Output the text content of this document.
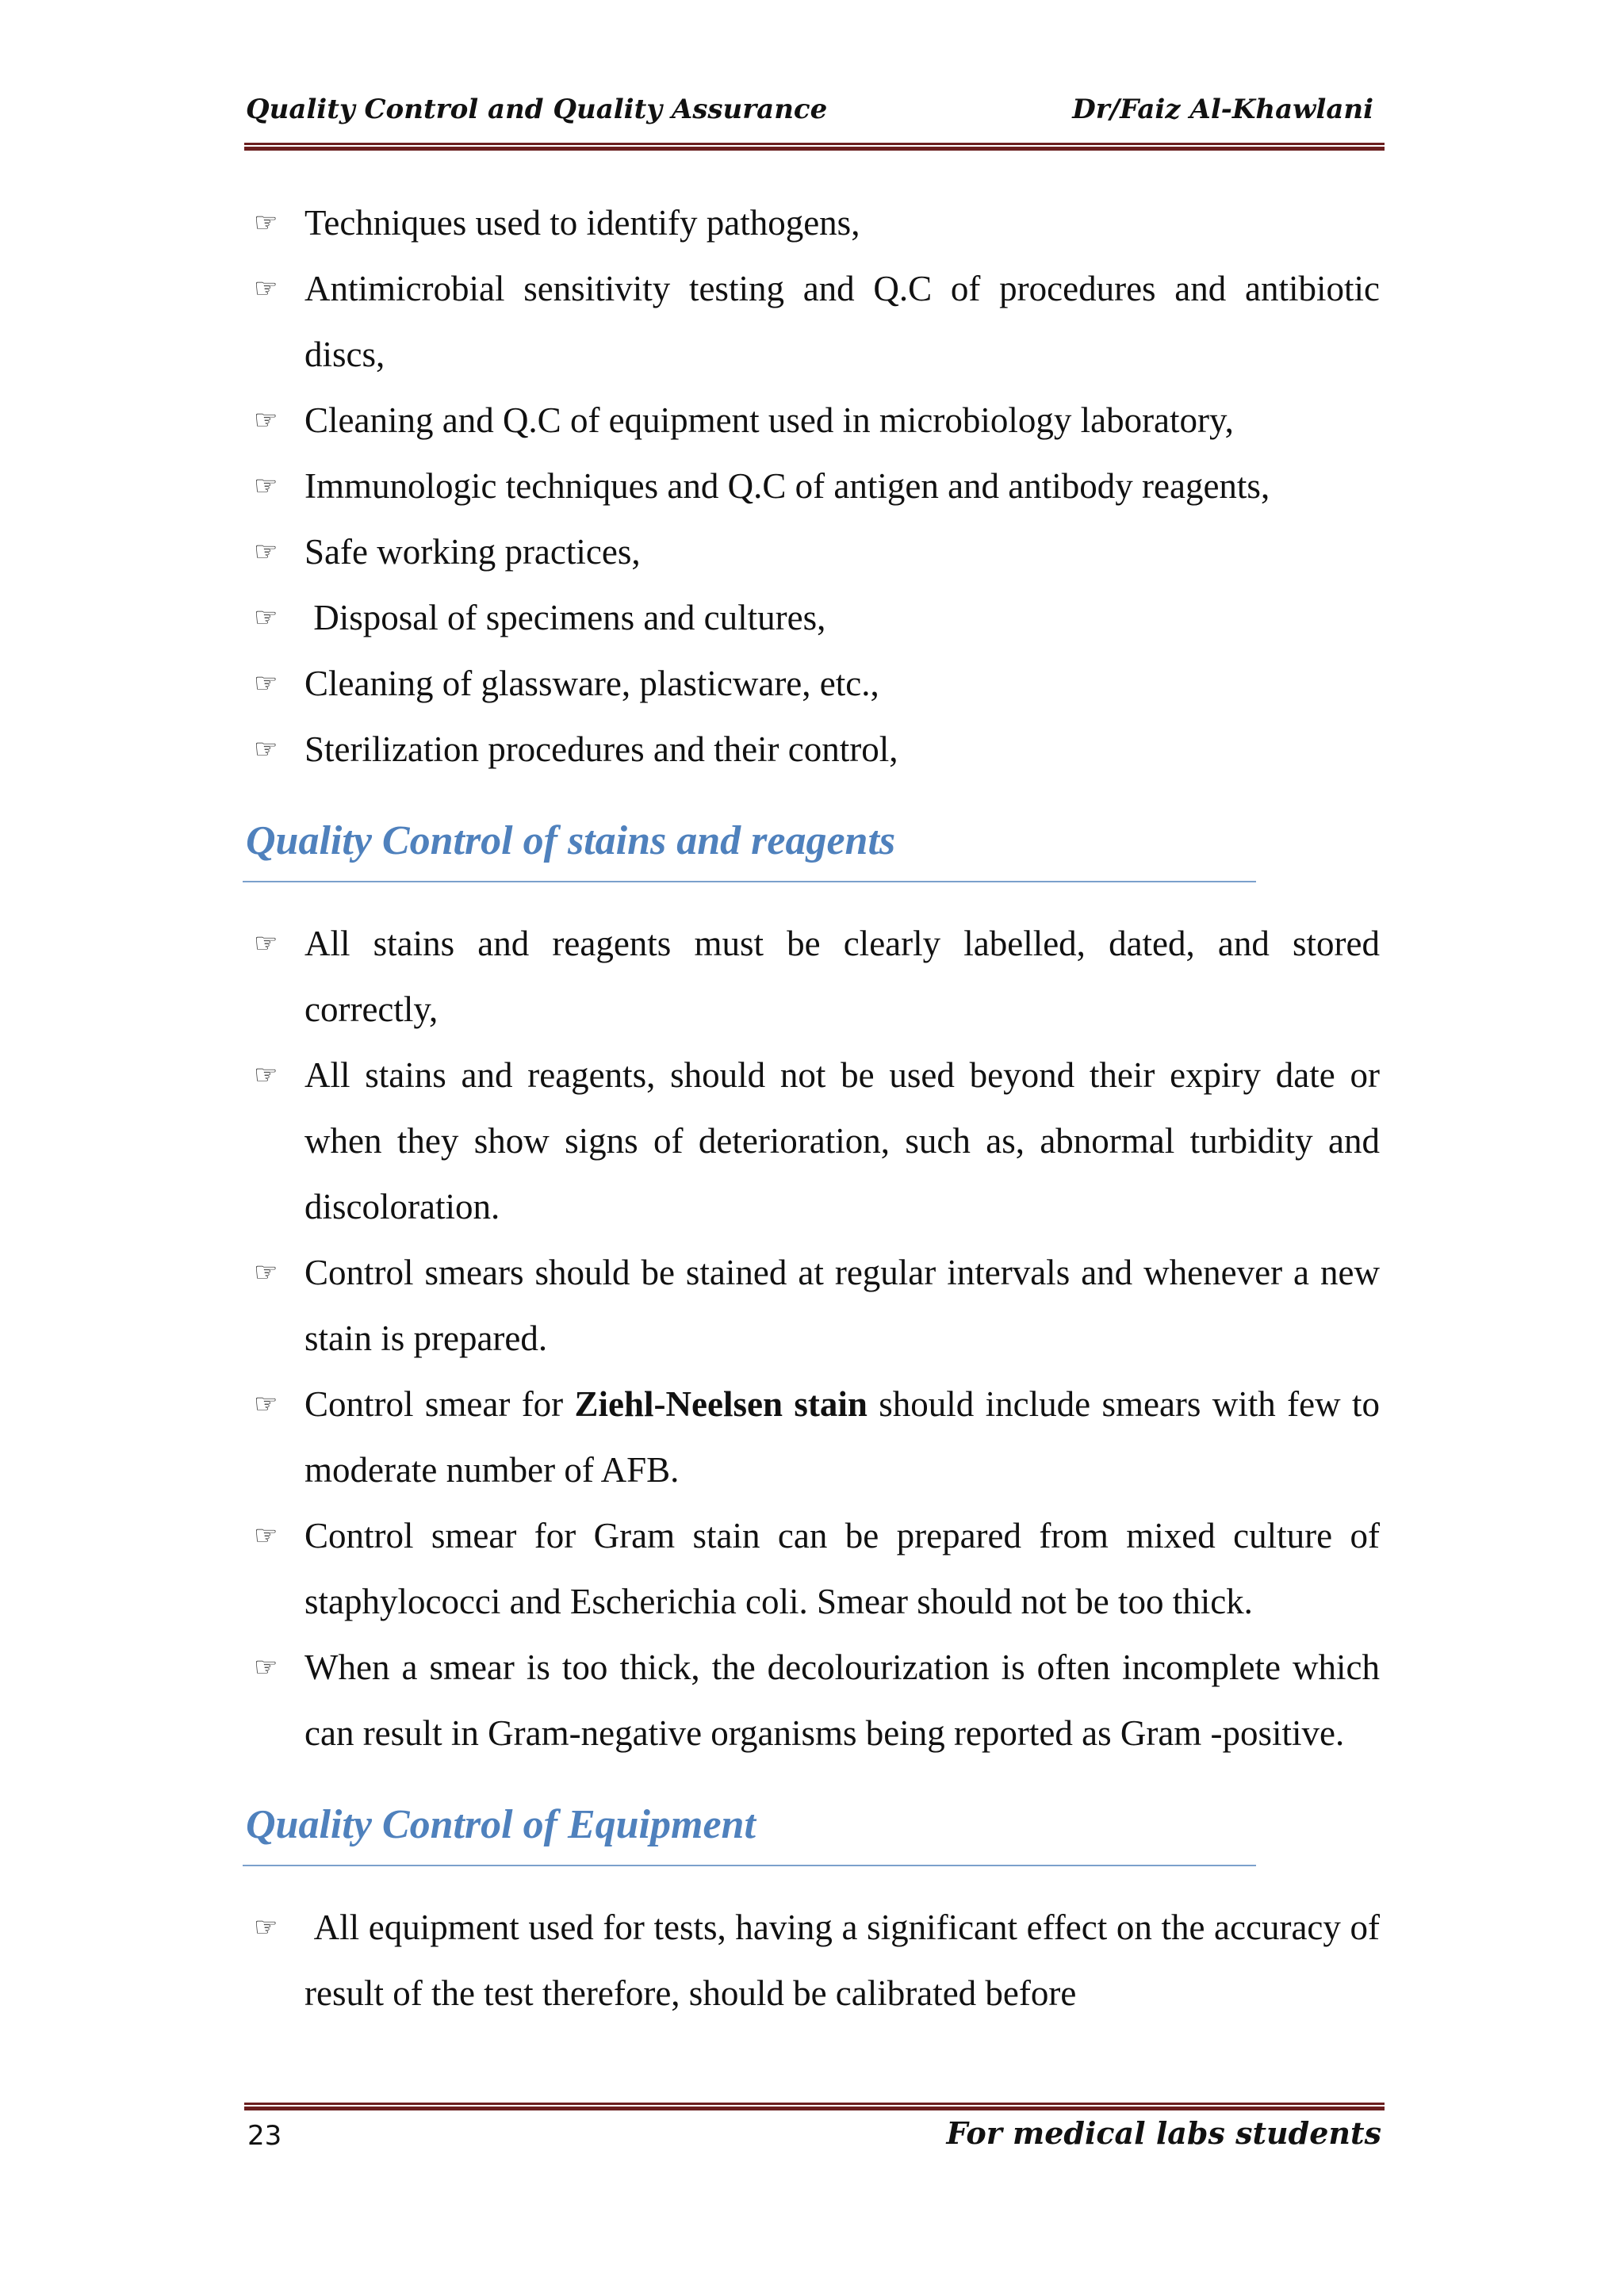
Quality Control and Quality Assurance	Dr/Faiz Al-Khawlani
☞ Techniques used to identify pathogens,
☞ Antimicrobial sensitivity testing and Q.C of procedures and antibiotic discs,
☞ Cleaning and Q.C of equipment used in microbiology laboratory,
☞ Immunologic techniques and Q.C of antigen and antibody reagents,
☞ Safe working practices,
☞ Disposal of specimens and cultures,
☞ Cleaning of glassware, plasticware, etc.,
☞ Sterilization procedures and their control,
Quality Control of stains and reagents
☞ All stains and reagents must be clearly labelled, dated, and stored correctly,
☞ All stains and reagents, should not be used beyond their expiry date or when they show signs of deterioration, such as, abnormal turbidity and discoloration.
☞ Control smears should be stained at regular intervals and whenever a new stain is prepared.
☞ Control smear for Ziehl-Neelsen stain should include smears with few to moderate number of AFB.
☞ Control smear for Gram stain can be prepared from mixed culture of staphylococci and Escherichia coli. Smear should not be too thick.
☞ When a smear is too thick, the decolourization is often incomplete which can result in Gram-negative organisms being reported as Gram -positive.
Quality Control of Equipment
☞ All equipment used for tests, having a significant effect on the accuracy of result of the test therefore, should be calibrated before
23	For medical labs students
